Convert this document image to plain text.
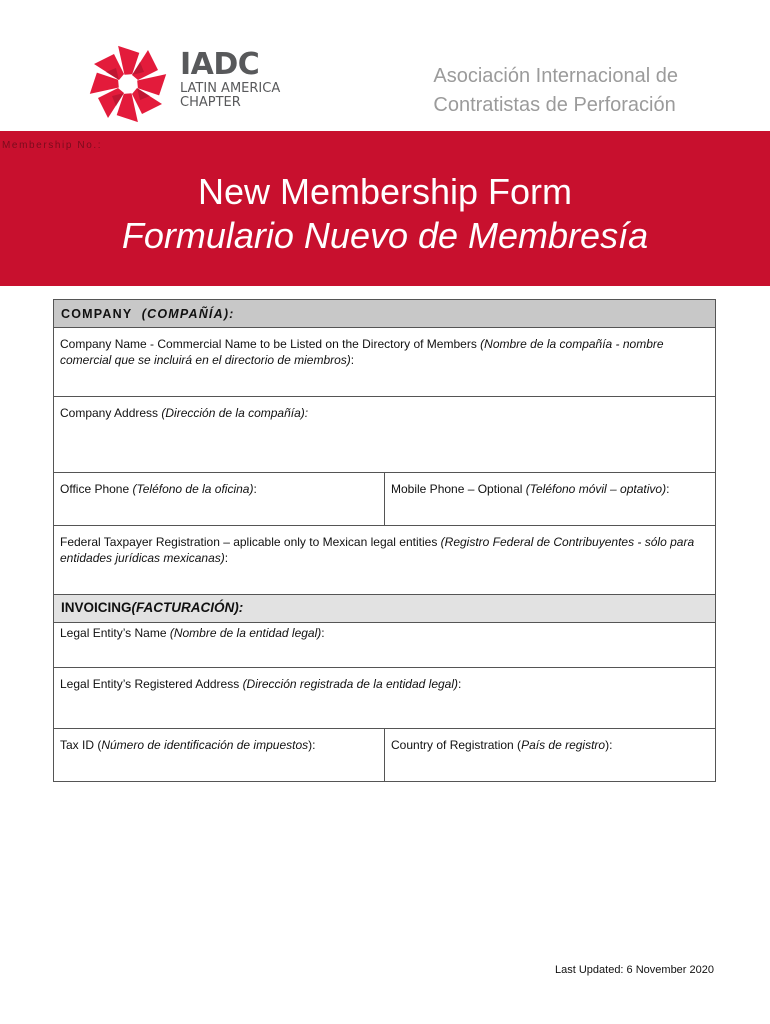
IADC
LATIN AMERICA
CHAPTER
Asociación Internacional de
Contratistas de Perforación
Membership No.:
New Membership Form
Formulario Nuevo de Membresía
COMPANY
(COMPAÑÍA):
Company Name - Commercial Name to be Listed on the Directory of Members (Nombre de la compañía - nombre comercial que se incluirá en el directorio de miembros):
Company Address (Dirección de la compañía):
Office Phone (Teléfono de la oficina):	Mobile Phone – Optional (Teléfono móvil – optativo):
Federal Taxpayer Registration – aplicable only to Mexican legal entities (Registro Federal de Contribuyentes - sólo para entidades jurídicas mexicanas):
INVOICING (FACTURACIÓN):
Legal Entity’s Name (Nombre de la entidad legal):
Legal Entity’s Registered Address (Dirección registrada de la entidad legal):
Tax ID (Número de identificación de impuestos):	Country of Registration (País de registro):
Last Updated: 6 November 2020
